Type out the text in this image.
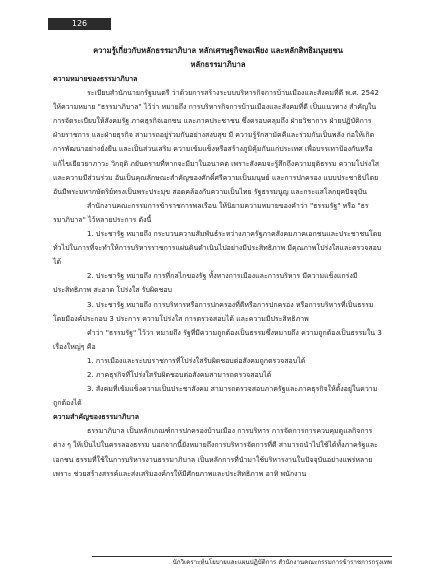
126

ความรู้เกี่ยวกับหลักธรรมาภิบาล หลักเศรษฐกิจพอเพียง และหลักสิทธิมนุษยชน

หลักธรรมาภิบาล

ความหมายของธรรมาภิบาล

ระเบียบสำนักนายกรัฐมนตรี ว่าด้วยการสร้างระบบบริหารกิจการบ้านเมืองและสังคมที่ดี พ.ศ. 2542 ให้ความหมาย "ธรรมาภิบาล" ไว้ว่า หมายถึง การบริหารกิจการบ้านเมืองและสังคมที่ดี เป็นแนวทาง สำคัญในการจัดระเบียบให้สังคมรัฐ ภาคธุรกิจเอกชน และภาคประชาชน ซึ่งครอบคลุมถึง ฝ่ายวิชาการ ฝ่ายปฏิบัติการ ฝ่ายราชการ และฝ่ายธุรกิจ สามารถอยู่ร่วมกันอย่างสงบสุข มี ความรู้รักสามัคคีและร่วมกันเป็นพลัง ก่อให้เกิดการพัฒนาอย่างยั่งยืน และเป็นส่วนเสริม ความเข้มแข็งหรือสร้างภูมิคุ้มกันแก่ประเทศ เพื่อบรรเทาป้องกันหรือแก้ไขเยียวยาภาวะ วิกฤติ ภยันตรายที่หากจะมีมาในอนาคต เพราะสังคมจะรู้สึกถึงความยุติธรรม ความโปร่งใส และความมีส่วนร่วม อันเป็นคุณลักษณะสำคัญของศักดิ์ศรีความเป็นมนุษย์ และการปกครอง แบบประชาธิปไตยอันมีพระมหากษัตริย์ทรงเป็นพระประมุข สอดคล้องกับความเป็นไทย รัฐธรรมนูญ และกระแสโลกยุคปัจจุบัน

สำนักงานคณะกรรมการข้าราชการพลเรือน ให้นิยามความหมายของคำว่า "ธรรมรัฐ" หรือ "ธรรมาภิบาล" ไว้หลายประการ ดังนี้

1. ประชารัฐ หมายถึง กระบวนความสัมพันธ์ระหว่างภาครัฐภาคสังคมภาคเอกชนและประชาชนโดยทั่วไปในการที่จะทำให้การบริหารราชการแผ่นดินดำเนินไปอย่างมีประสิทธิภาพ มีคุณภาพโปร่งใสและตรวจสอบได้

2. ประชารัฐ หมายถึง การที่กลไกของรัฐ ทั้งทางการเมืองและการบริหาร มีความแข็งแกร่งมีประสิทธิภาพ สะอาด โปร่งใส รับผิดชอบ

3. ประชารัฐ หมายถึง การบริหารหรือการปกครองที่ดีหรือการปกครอง หรือการบริหารที่เป็นธรรม โดยมีองค์ประกอบ 3 ประการ ความโปร่งใส การตรวจสอบได้ และความมีประสิทธิภาพ

คำว่า "ธรรมรัฐ" ไว้ว่า หมายถึง รัฐที่มีความถูกต้องเป็นธรรมซึ่งหมายถึง ความถูกต้องเป็นธรรมใน 3 เรื่องใหญ่ๆ คือ

1. การเมืองและระบบราชการที่โปร่งใสรับผิดชอบต่อสังคมถูกตรวจสอบได้

2. ภาคธุรกิจที่โปร่งใสรับผิดชอบต่อสังคมสามารถตรวจสอบได้

3. สังคมที่เข้มแข็งความเป็นประชาสังคม สามารถตรวจสอบภาครัฐและภาคธุรกิจให้ตั้งอยู่ในความถูกต้องได้

ความสำคัญของธรรมาภิบาล

ธรรมาภิบาล เป็นหลักเกณฑ์การปกครองบ้านเมือง การบริหาร การจัดการการควบคุมดูแลกิจการต่าง ๆ ให้เป็นไปในครรลองธรรม นอกจากนี้ยังหมายถึงการบริหารจัดการที่ดี สามารถนำไปใช้ได้ทั้งภาครัฐและเอกชน ธรรมที่ใช้ในการบริหารงานธรรมาภิบาล เป็นหลักการที่นำมาใช้บริหารงานในปัจจุบันอย่างแพร่หลาย เพราะ ช่วยสร้างสรรค์และส่งเสริมองค์กรให้มีศักยภาพและประสิทธิภาพ อาทิ พนักงาน

นักวิเคราะห์นโยบายและแผนปฏิบัติการ สำนักงานคณะกรรมการข้าราชการกรุงเทพ
